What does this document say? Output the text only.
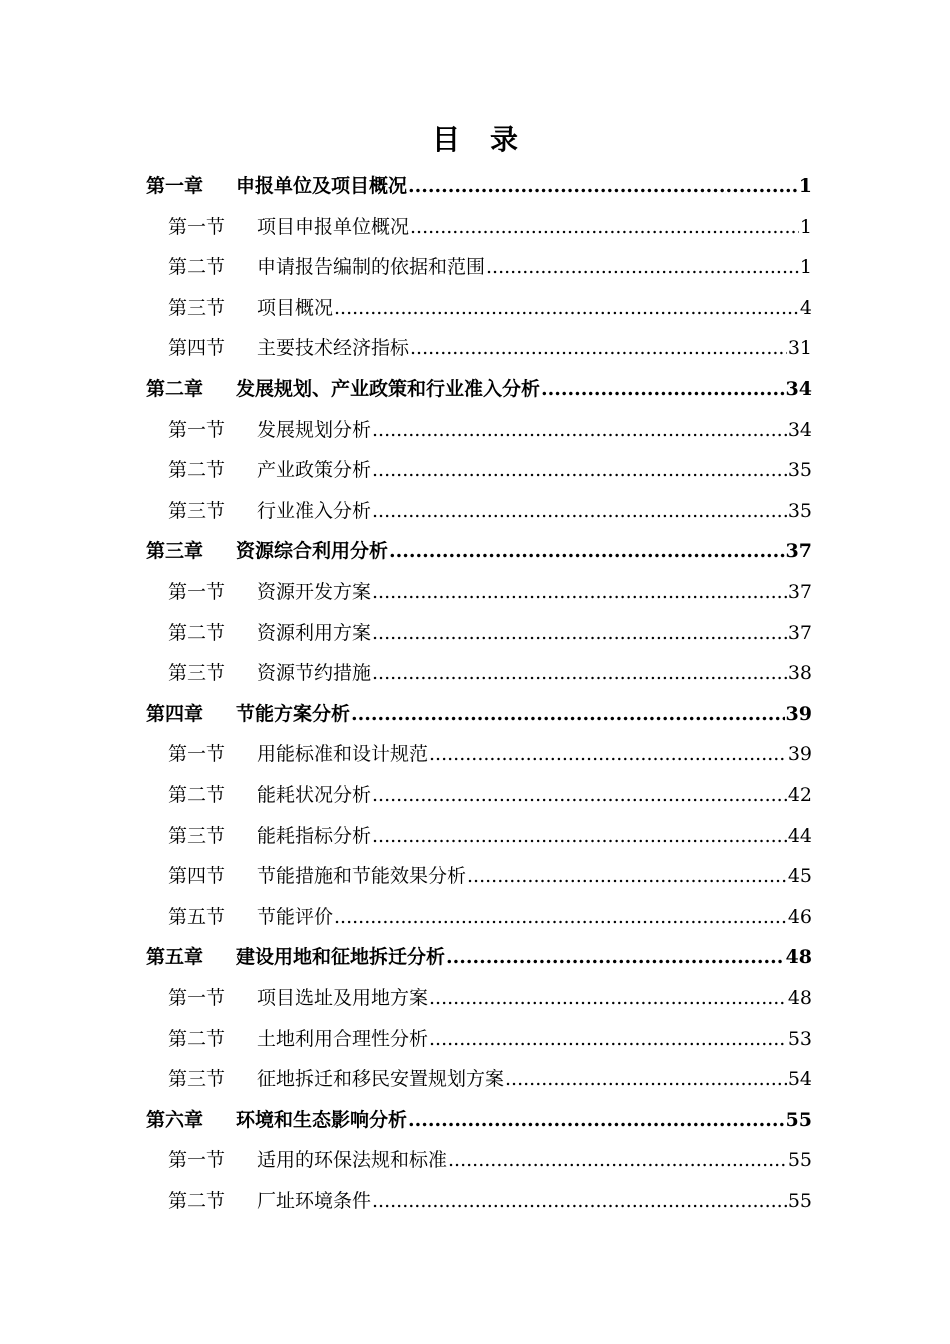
目 录
第一章	申报单位及项目概况 .....	1
第一节	项目申报单位概况 .....	1
第二节	申请报告编制的依据和范围 .....	1
第三节	项目概况 .....	4
第四节	主要技术经济指标 .....	31
第二章	发展规划、产业政策和行业准入分析 .....	34
第一节	发展规划分析 .....	34
第二节	产业政策分析 .....	35
第三节	行业准入分析 .....	35
第三章	资源综合利用分析 .....	37
第一节	资源开发方案 .....	37
第二节	资源利用方案 .....	37
第三节	资源节约措施 .....	38
第四章	节能方案分析 .....	39
第一节	用能标准和设计规范 .....	39
第二节	能耗状况分析 .....	42
第三节	能耗指标分析 .....	44
第四节	节能措施和节能效果分析 .....	45
第五节	节能评价 .....	46
第五章	建设用地和征地拆迁分析 .....	48
第一节	项目选址及用地方案 .....	48
第二节	土地利用合理性分析 .....	53
第三节	征地拆迁和移民安置规划方案 .....	54
第六章	环境和生态影响分析 .....	55
第一节	适用的环保法规和标准 .....	55
第二节	厂址环境条件 .....	55
